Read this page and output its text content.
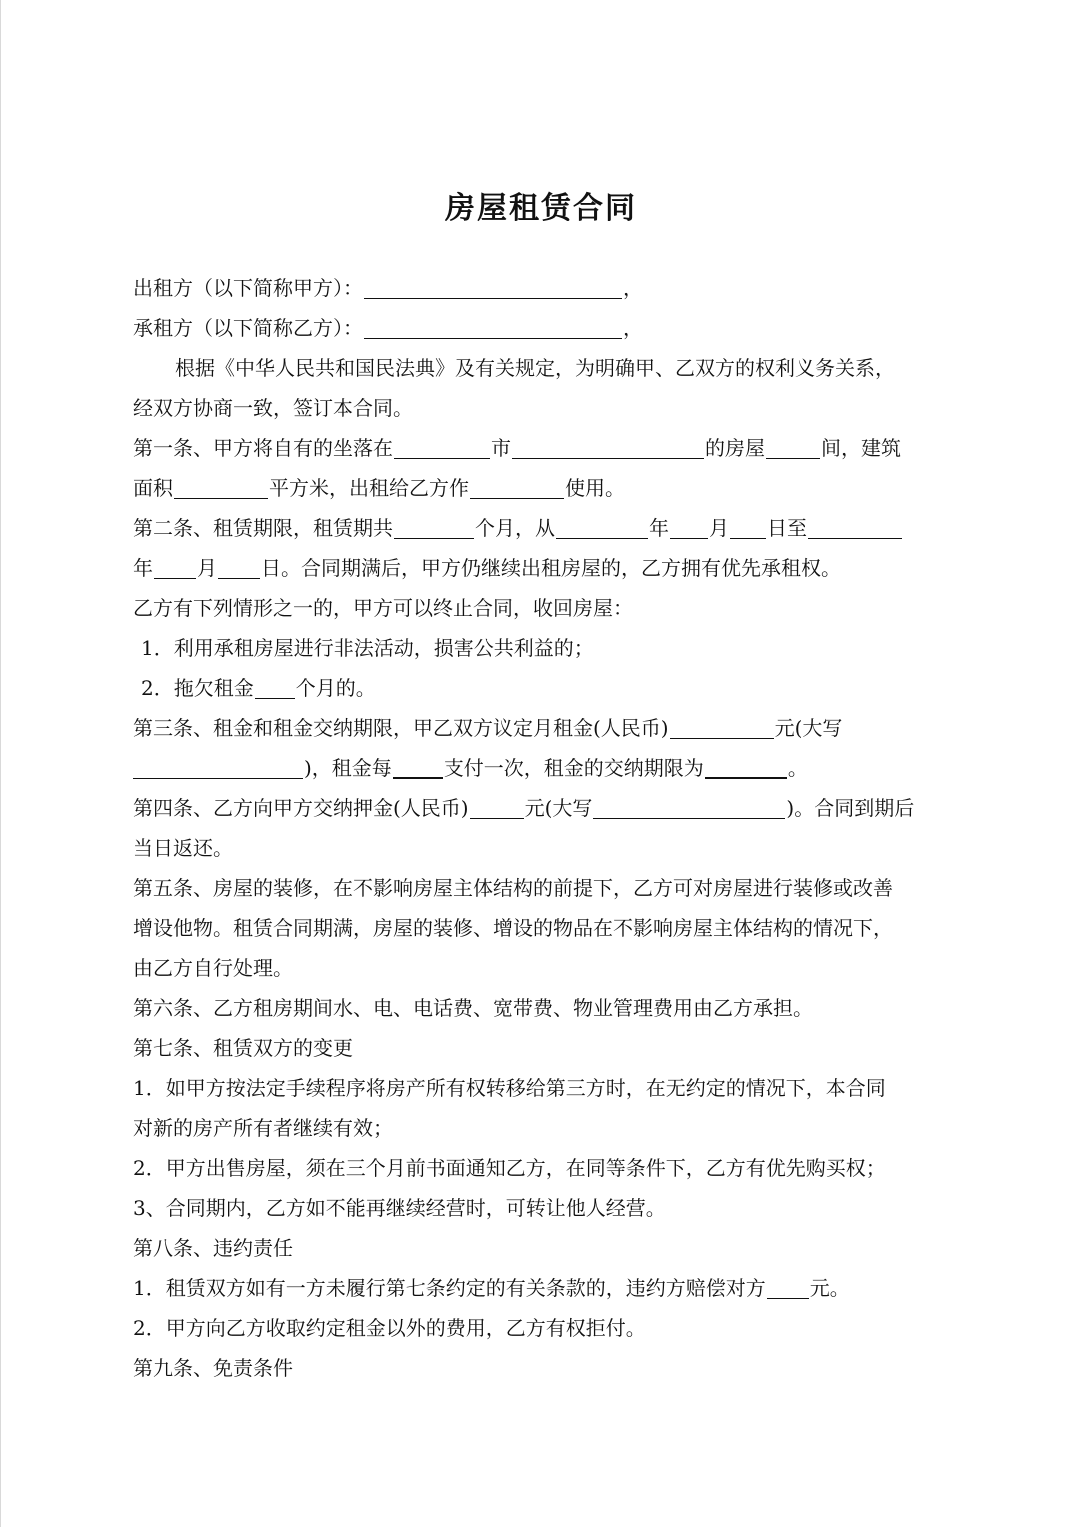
房屋租赁合同
出租方（以下简称甲方）：	，
承租方（以下简称乙方）：	，
根据《中华人民共和国民法典》及有关规定，为明确甲、乙双方的权利义务关系，
经双方协商一致，签订本合同。
第一条、甲方将自有的坐落在	市	的房屋	间，建筑
面积	平方米，出租给乙方作	使用。
第二条、租赁期限，租赁期共	个月，从	年 月 日至
年 月 日。合同期满后，甲方仍继续出租房屋的，乙方拥有优先承租权。
乙方有下列情形之一的，甲方可以终止合同，收回房屋：
1．利用承租房屋进行非法活动，损害公共利益的；
2．拖欠租金 个月的。
第三条、租金和租金交纳期限，甲乙双方议定月租金(人民币)	元(大写
)，租金每	支付一次，租金的交纳期限为	。
第四条、乙方向甲方交纳押金(人民币)	元(大写	)。合同到期后
当日返还。
第五条、房屋的装修，在不影响房屋主体结构的前提下，乙方可对房屋进行装修或改善
增设他物。租赁合同期满，房屋的装修、增设的物品在不影响房屋主体结构的情况下，
由乙方自行处理。
第六条、乙方租房期间水、电、电话费、宽带费、物业管理费用由乙方承担。
第七条、租赁双方的变更
1．如甲方按法定手续程序将房产所有权转移给第三方时，在无约定的情况下，本合同
对新的房产所有者继续有效；
2．甲方出售房屋，须在三个月前书面通知乙方，在同等条件下，乙方有优先购买权；
3、合同期内，乙方如不能再继续经营时，可转让他人经营。
第八条、违约责任
1．租赁双方如有一方未履行第七条约定的有关条款的，违约方赔偿对方 元。
2．甲方向乙方收取约定租金以外的费用，乙方有权拒付。
第九条、免责条件
